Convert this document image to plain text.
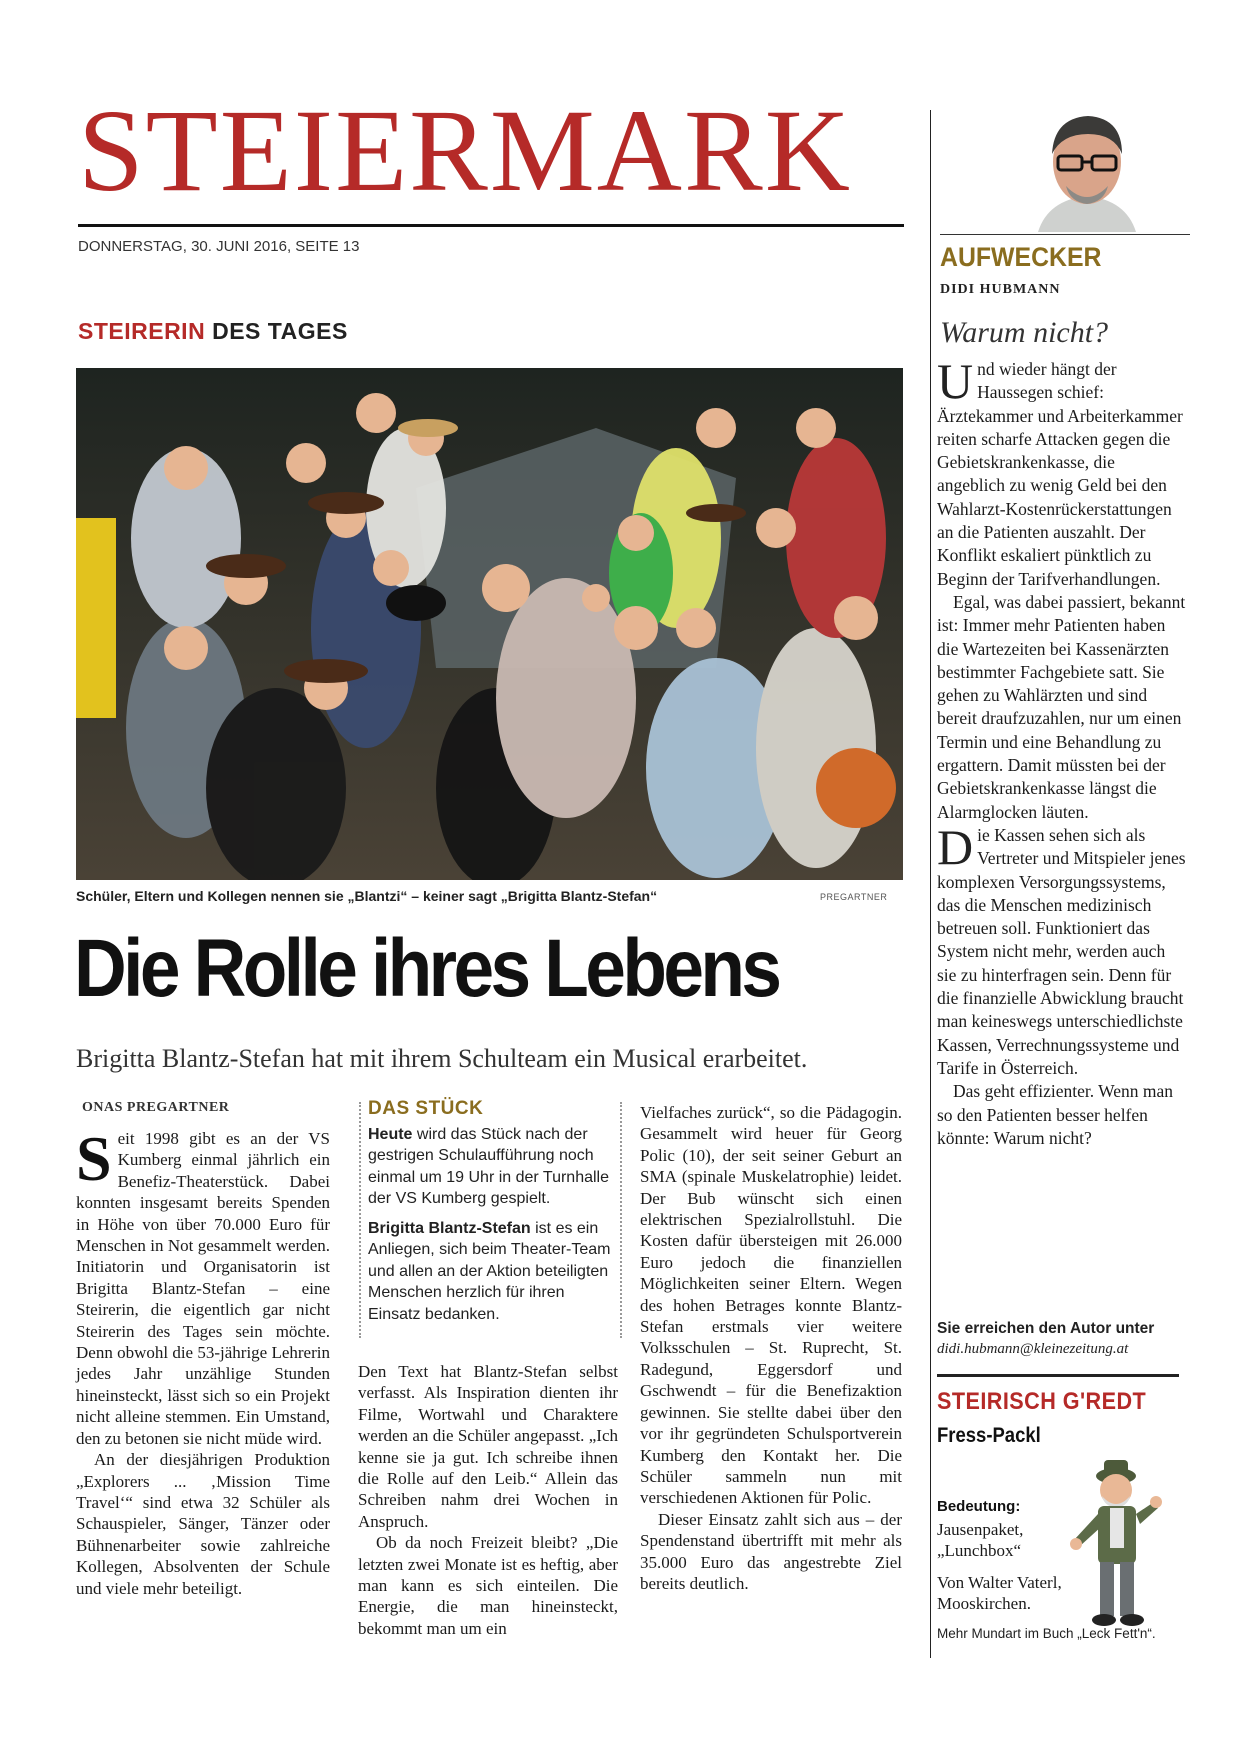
STEIERMARK
DONNERSTAG, 30. JUNI 2016, SEITE 13
STEIRERIN DES TAGES
Schüler, Eltern und Kollegen nennen sie „Blantzi“ – keiner sagt „Brigitta Blantz-Stefan“	PREGARTNER
Die Rolle ihres Lebens
Brigitta Blantz-Stefan hat mit ihrem Schulteam ein Musical erarbeitet.
ONAS PREGARTNER

Seit 1998 gibt es an der VS Kumberg einmal jährlich ein Benefiz-Theaterstück. Dabei konnten insgesamt bereits Spenden in Höhe von über 70.000 Euro für Menschen in Not gesammelt werden. Initiatorin und Organisatorin ist Brigitta Blantz-Stefan – eine Steirerin, die eigentlich gar nicht Steirerin des Tages sein möchte. Denn obwohl die 53-jährige Lehrerin jedes Jahr unzählige Stunden hineinsteckt, lässt sich so ein Projekt nicht alleine stemmen. Ein Umstand, den zu betonen sie nicht müde wird.

An der diesjährigen Produktion „Explorers ... ‚Mission Time Travel‘“ sind etwa 32 Schüler als Schauspieler, Sänger, Tänzer oder Bühnenarbeiter sowie zahlreiche Kollegen, Absolventen der Schule und viele mehr beteiligt.

DAS STÜCK

Heute wird das Stück nach der gestrigen Schulaufführung noch einmal um 19 Uhr in der Turnhalle der VS Kumberg gespielt.

Brigitta Blantz-Stefan ist es ein Anliegen, sich beim Theater-Team und allen an der Aktion beteiligten Menschen herzlich für ihren Einsatz bedanken.

Den Text hat Blantz-Stefan selbst verfasst. Als Inspiration dienten ihr Filme, Wortwahl und Charaktere werden an die Schüler angepasst. „Ich kenne sie ja gut. Ich schreibe ihnen die Rolle auf den Leib.“ Allein das Schreiben nahm drei Wochen in Anspruch.

Ob da noch Freizeit bleibt? „Die letzten zwei Monate ist es heftig, aber man kann es sich einteilen. Die Energie, die man hineinsteckt, bekommt man um ein

Vielfaches zurück“, so die Pädagogin. Gesammelt wird heuer für Georg Polic (10), der seit seiner Geburt an SMA (spinale Muskelatrophie) leidet. Der Bub wünscht sich einen elektrischen Spezialrollstuhl. Die Kosten dafür übersteigen mit 26.000 Euro jedoch die finanziellen Möglichkeiten seiner Eltern. Wegen des hohen Betrages konnte Blantz-Stefan erstmals vier weitere Volksschulen – St. Ruprecht, St. Radegund, Eggersdorf und Gschwendt – für die Benefizaktion gewinnen. Sie stellte dabei über den vor ihr gegründeten Schulsportverein Kumberg den Kontakt her. Die Schüler sammeln nun mit verschiedenen Aktionen für Polic.

Dieser Einsatz zahlt sich aus – der Spendenstand übertrifft mit mehr als 35.000 Euro das angestrebte Ziel bereits deutlich.

AUFWECKER
DIDI HUBMANN
Warum nicht?

Und wieder hängt der Haussegen schief: Ärztekammer und Arbeiterkammer reiten scharfe Attacken gegen die Gebietskrankenkasse, die angeblich zu wenig Geld bei den Wahlarzt-Kostenrückerstattungen an die Patienten auszahlt. Der Konflikt eskaliert pünktlich zu Beginn der Tarifverhandlungen.

Egal, was dabei passiert, bekannt ist: Immer mehr Patienten haben die Wartezeiten bei Kassenärzten bestimmter Fachgebiete satt. Sie gehen zu Wahlärzten und sind bereit draufzuzahlen, nur um einen Termin und eine Behandlung zu ergattern. Damit müssten bei der Gebietskrankenkasse längst die Alarmglocken läuten.

Die Kassen sehen sich als Vertreter und Mitspieler jenes komplexen Versorgungssystems, das die Menschen medizinisch betreuen soll. Funktioniert das System nicht mehr, werden auch sie zu hinterfragen sein. Denn für die finanzielle Abwicklung braucht man keineswegs unterschiedlichste Kassen, Verrechnungssysteme und Tarife in Österreich.

Das geht effizienter. Wenn man so den Patienten besser helfen könnte: Warum nicht?

Sie erreichen den Autor unter
didi.hubmann@kleinezeitung.at
STEIRISCH G'REDT
Fress-Packl
Bedeutung:
Jausenpaket, „Lunchbox“
Von Walter Vaterl, Mooskirchen.
Mehr Mundart im Buch „Leck Fett'n“.
